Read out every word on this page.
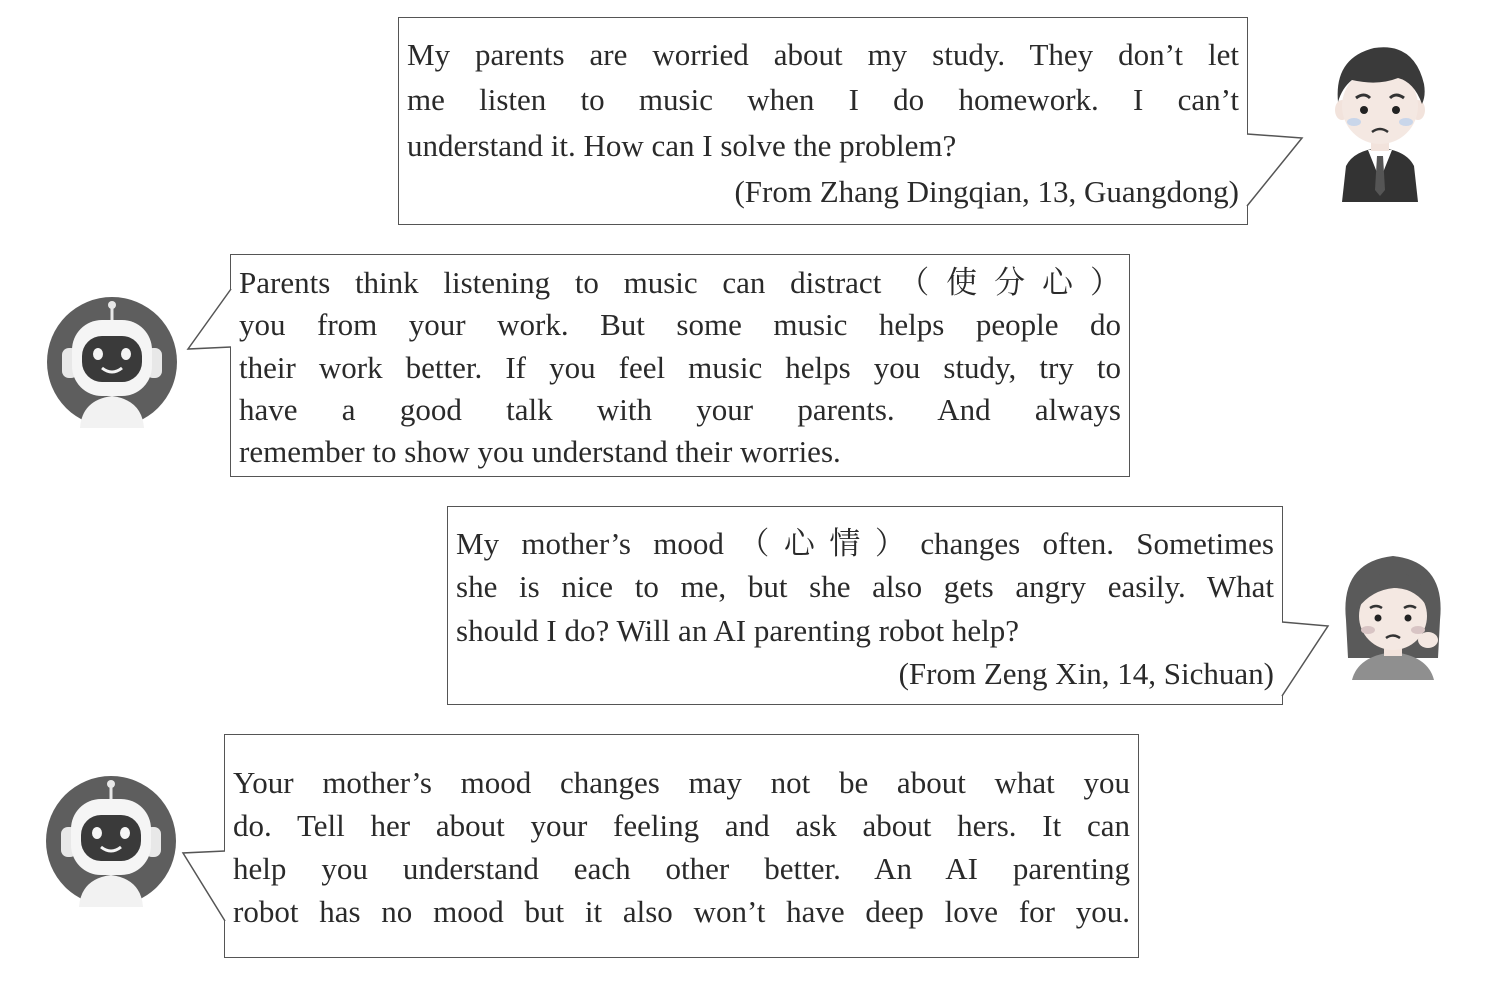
My parents are worried about my study. They don’t let
me listen to music when I do homework. I can’t
understand it. How can I solve the problem?
(From Zhang Dingqian, 13, Guangdong)
Parents think listening to music can distract（使分心）
you from your work. But some music helps people do
their work better. If you feel music helps you study, try to
have a good talk with your parents. And always
remember to show you understand their worries.
My mother’s mood（心情）changes often. Sometimes
she is nice to me, but she also gets angry easily. What
should I do? Will an AI parenting robot help?
(From Zeng Xin, 14, Sichuan)
Your mother’s mood changes may not be about what you
do. Tell her about your feeling and ask about hers. It can
help you understand each other better. An AI parenting
robot has no mood but it also won’t have deep love for you.
